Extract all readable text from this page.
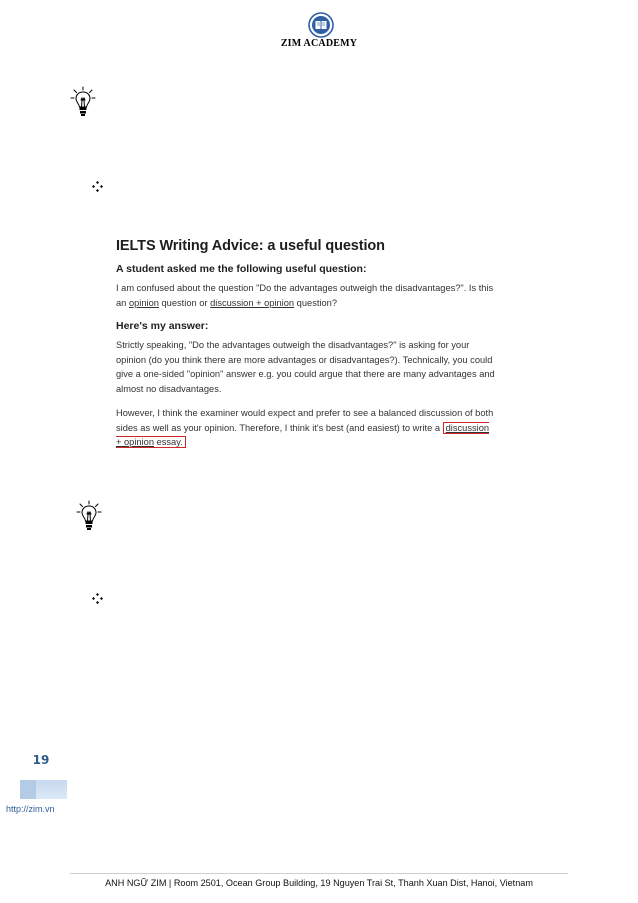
ZIM ACADEMY
IELTS Writing Advice: a useful question
A student asked me the following useful question:

I am confused about the question "Do the advantages outweigh the disadvantages?". Is this an opinion question or discussion + opinion question?

Here's my answer:

Strictly speaking, "Do the advantages outweigh the disadvantages?" is asking for your opinion (do you think there are more advantages or disadvantages?). Technically, you could give a one-sided "opinion" answer e.g. you could argue that there are many advantages and almost no disadvantages.

However, I think the examiner would expect and prefer to see a balanced discussion of both sides as well as your opinion. Therefore, I think it's best (and easiest) to write a discussion + opinion essay.

19
http://zim.vn
ANH NGỮ ZIM | Room 2501, Ocean Group Building, 19 Nguyen Trai St, Thanh Xuan Dist, Hanoi, Vietnam
